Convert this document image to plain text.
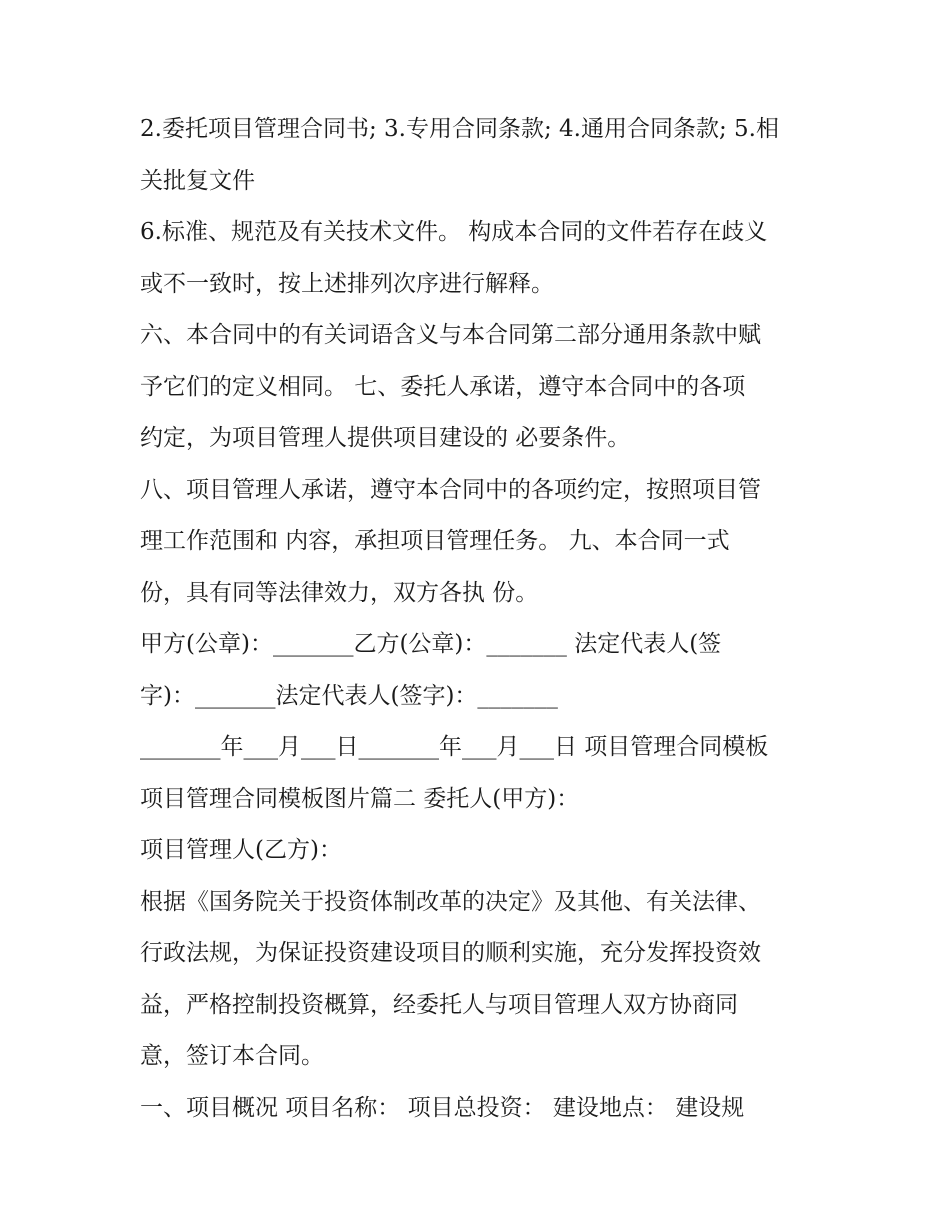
2.委托项目管理合同书; 3.专用合同条款; 4.通用合同条款; 5.相
关批复文件
6.标准、规范及有关技术文件。 构成本合同的文件若存在歧义
或不一致时，按上述排列次序进行解释。
六、本合同中的有关词语含义与本合同第二部分通用条款中赋
予它们的定义相同。 七、委托人承诺，遵守本合同中的各项
约定，为项目管理人提供项目建设的 必要条件。
八、项目管理人承诺，遵守本合同中的各项约定，按照项目管
理工作范围和 内容，承担项目管理任务。 九、本合同一式
份，具有同等法律效力，双方各执 份。
甲方(公章)：_______乙方(公章)：_______ 法定代表人(签
字)：_______法定代表人(签字)：_______
_______年___月___日_______年___月___日 项目管理合同模板
项目管理合同模板图片篇二 委托人(甲方)：
项目管理人(乙方)：
根据《国务院关于投资体制改革的决定》及其他、有关法律、
行政法规，为保证投资建设项目的顺利实施，充分发挥投资效
益，严格控制投资概算，经委托人与项目管理人双方协商同
意，签订本合同。
一、项目概况 项目名称： 项目总投资： 建设地点： 建设规
